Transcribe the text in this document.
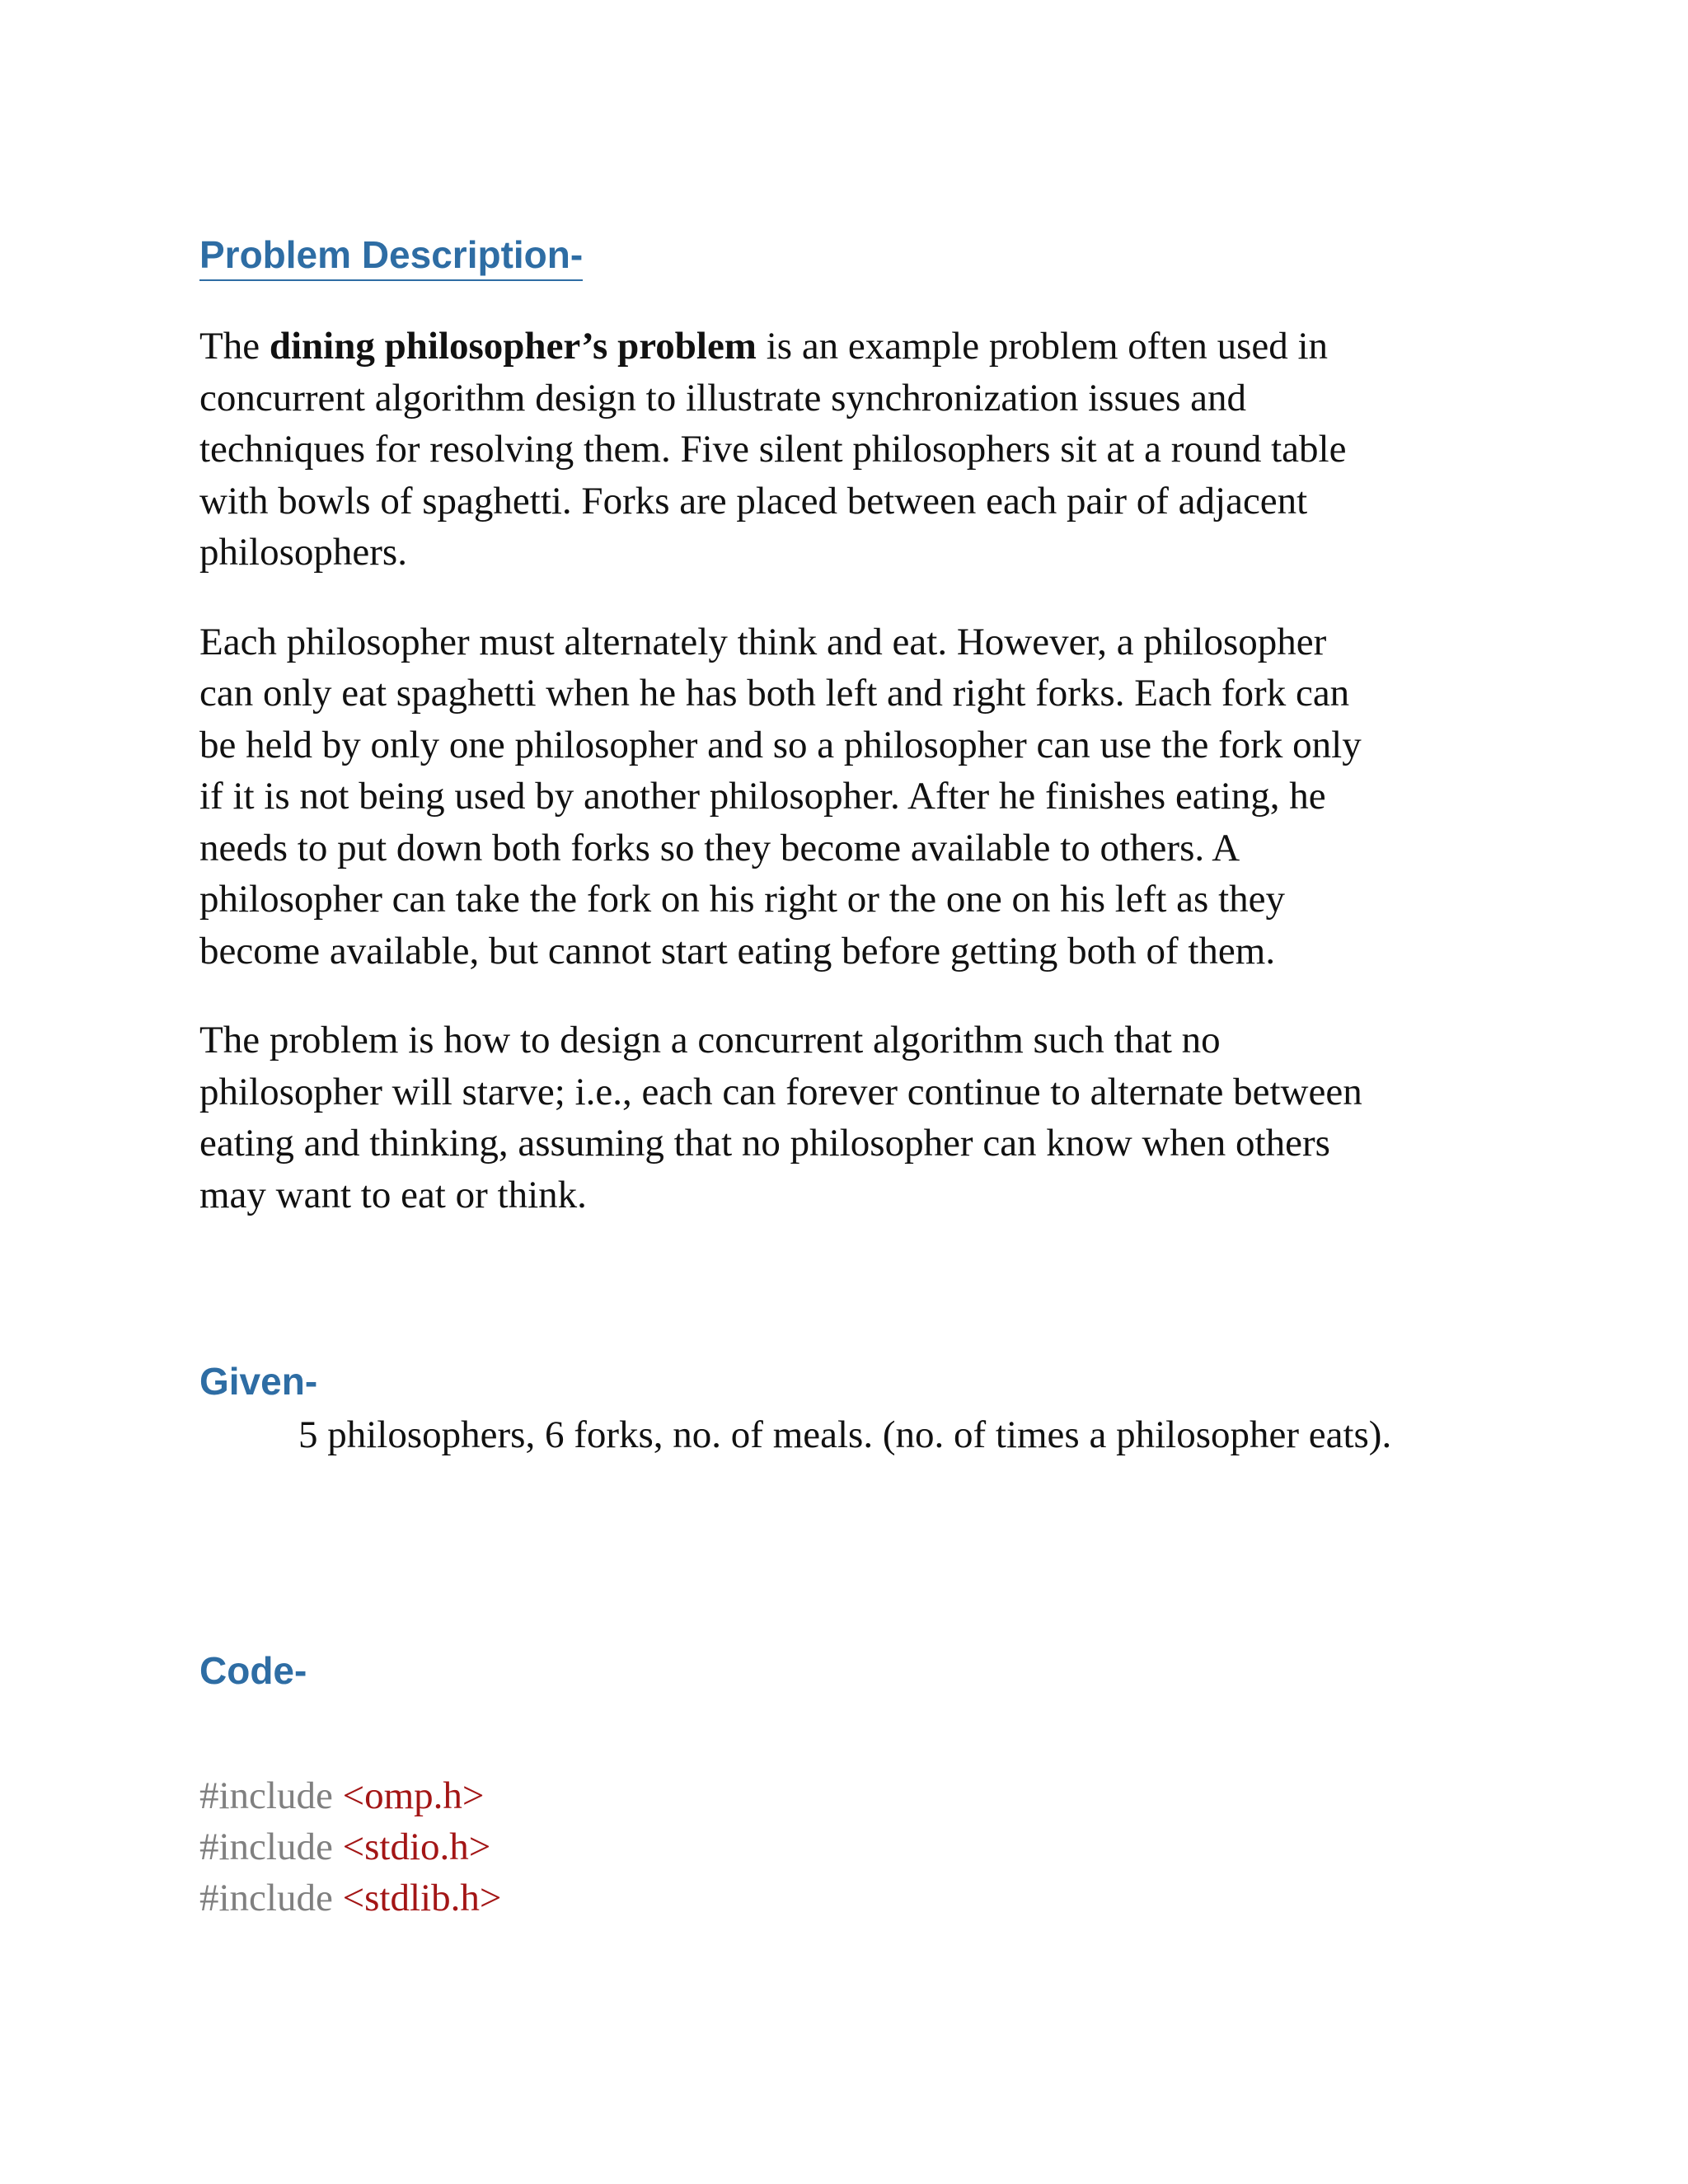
Problem Description-

The dining philosopher’s problem is an example problem often used in
concurrent algorithm design to illustrate synchronization issues and
techniques for resolving them. Five silent philosophers sit at a round table
with bowls of spaghetti. Forks are placed between each pair of adjacent
philosophers.

Each philosopher must alternately think and eat. However, a philosopher
can only eat spaghetti when he has both left and right forks. Each fork can
be held by only one philosopher and so a philosopher can use the fork only
if it is not being used by another philosopher. After he finishes eating, he
needs to put down both forks so they become available to others. A
philosopher can take the fork on his right or the one on his left as they
become available, but cannot start eating before getting both of them.

The problem is how to design a concurrent algorithm such that no
philosopher will starve; i.e., each can forever continue to alternate between
eating and thinking, assuming that no philosopher can know when others
may want to eat or think.

Given-

5 philosophers, 6 forks, no. of meals. (no. of times a philosopher eats).

Code-
#include <omp.h>
#include <stdio.h>
#include <stdlib.h>
